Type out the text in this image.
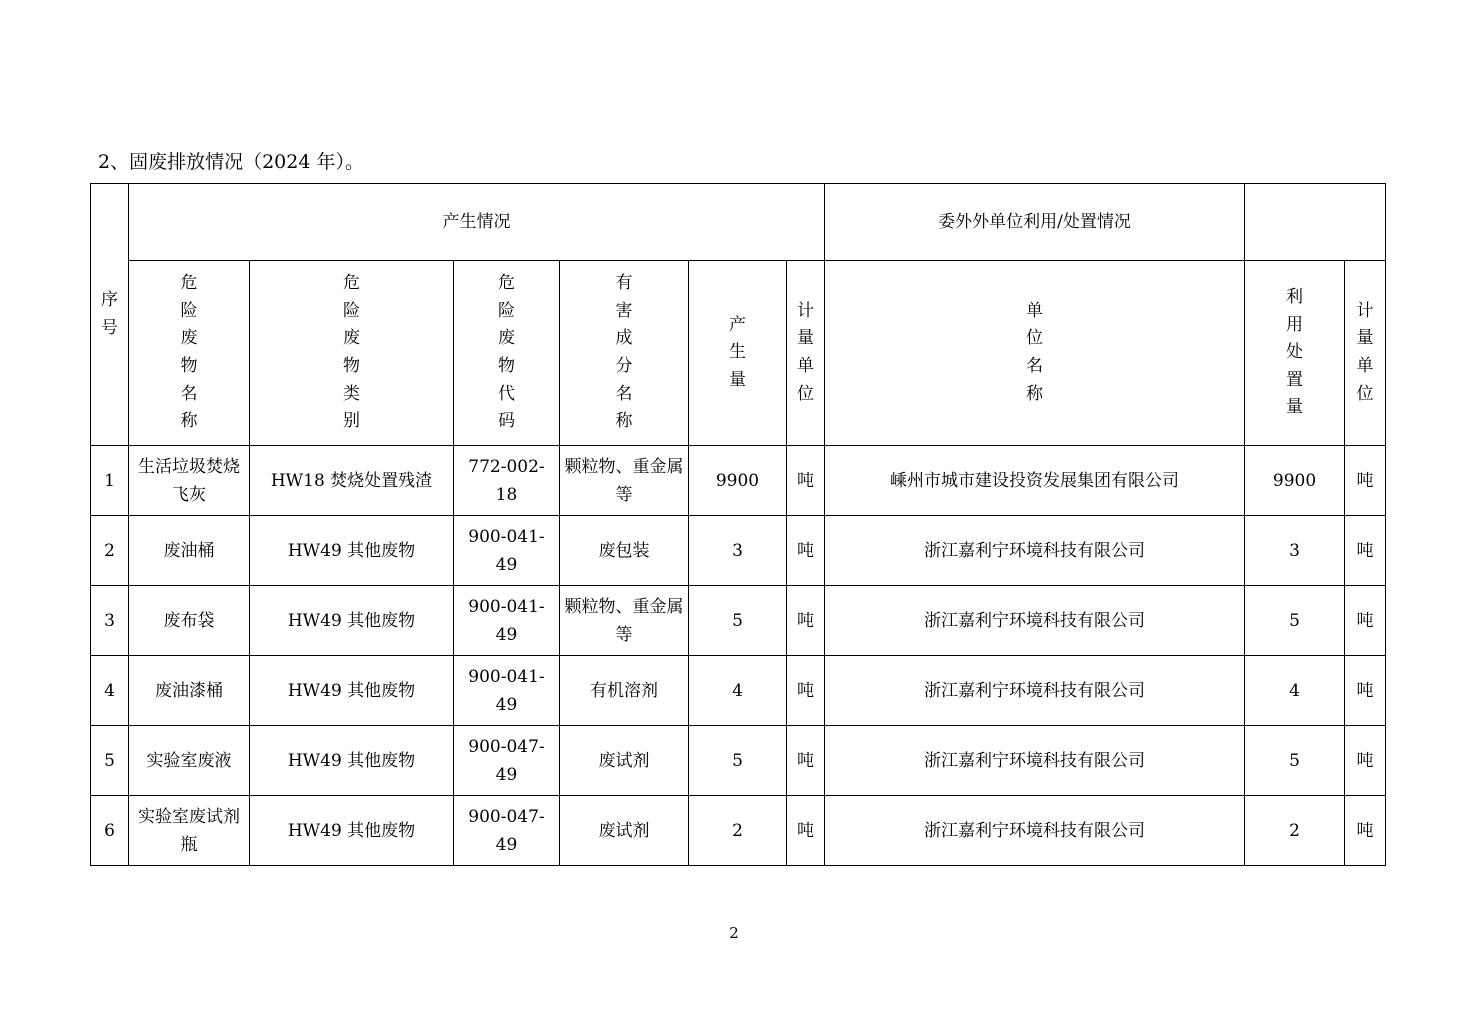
2、固废排放情况（2024 年）。
序号	产生情况						委外外单位利用/处置情况		
	危险废物名称	危险废物类别	危险废物代码	有害成分名称	产生量	计量单位	单位名称	利用处置量	计量单位
1	生活垃圾焚烧飞灰	HW18 焚烧处置残渣	772-002-18	颗粒物、重金属等	9900	吨	嵊州市城市建设投资发展集团有限公司	9900	吨
2	废油桶	HW49 其他废物	900-041-49	废包装	3	吨	浙江嘉利宁环境科技有限公司	3	吨
3	废布袋	HW49 其他废物	900-041-49	颗粒物、重金属等	5	吨	浙江嘉利宁环境科技有限公司	5	吨
4	废油漆桶	HW49 其他废物	900-041-49	有机溶剂	4	吨	浙江嘉利宁环境科技有限公司	4	吨
5	实验室废液	HW49 其他废物	900-047-49	废试剂	5	吨	浙江嘉利宁环境科技有限公司	5	吨
6	实验室废试剂瓶	HW49 其他废物	900-047-49	废试剂	2	吨	浙江嘉利宁环境科技有限公司	2	吨
2
